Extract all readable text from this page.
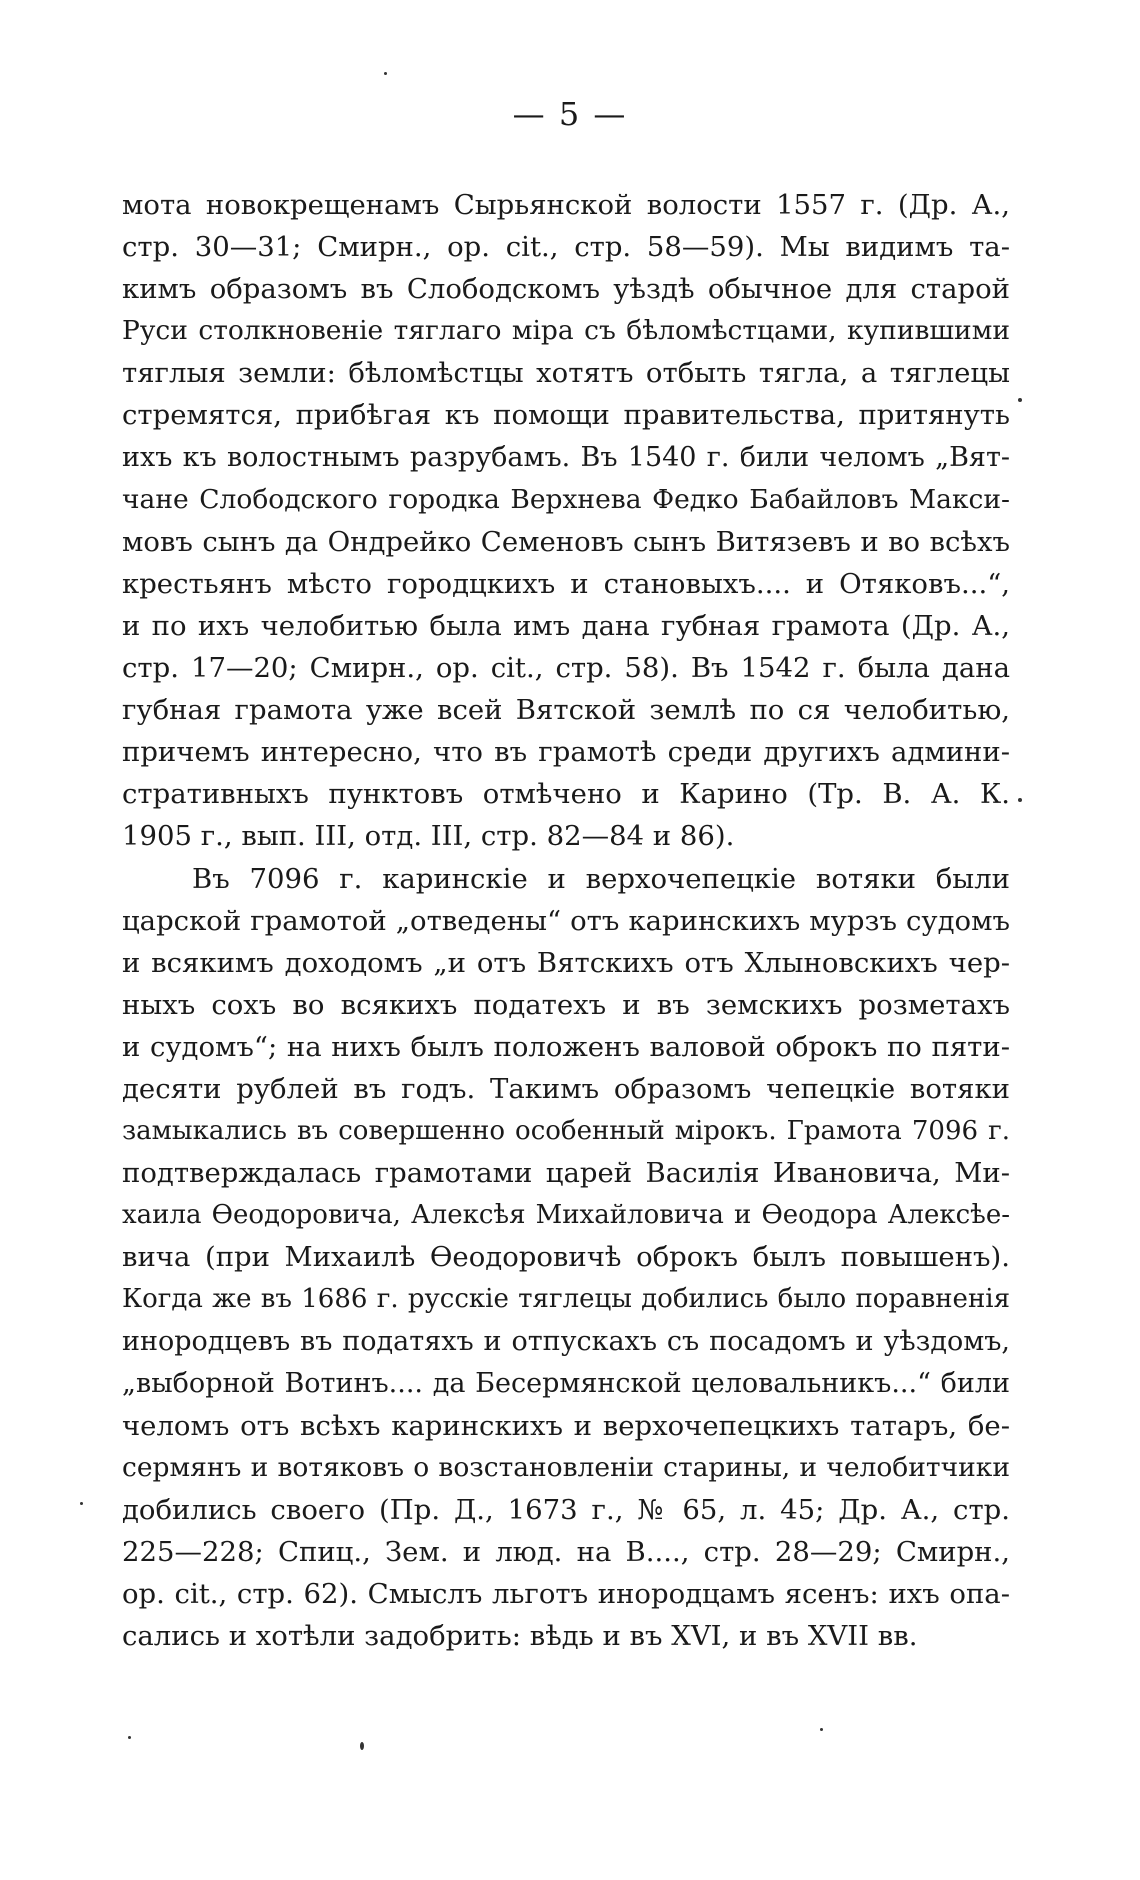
— 5 —
мота новокрещенамъ Сырьянской волости 1557 г. (Др. А.,
стр. 30—31; Смирн., op. cit., стр. 58—59). Мы видимъ та-
кимъ образомъ въ Слободскомъ уѣздѣ обычное для старой
Руси столкновеніе тяглаго міра съ бѣломѣстцами, купившими
тяглыя земли: бѣломѣстцы хотятъ отбыть тягла, а тяглецы
стремятся, прибѣгая къ помощи правительства, притянуть
ихъ къ волостнымъ разрубамъ. Въ 1540 г. били челомъ „Вят-
чане Слободского городка Верхнева Федко Бабайловъ Макси-
мовъ сынъ да Ондрейко Семеновъ сынъ Витязевъ и во всѣхъ
крестьянъ мѣсто городцкихъ и становыхъ.... и Отяковъ...“,
и по ихъ челобитью была имъ дана губная грамота (Др. А.,
стр. 17—20; Смирн., op. cit., стр. 58). Въ 1542 г. была дана
губная грамота уже всей Вятской землѣ по ся челобитью,
причемъ интересно, что въ грамотѣ среди другихъ админи-
стративныхъ пунктовъ отмѣчено и Карино (Тр. В. А. К.
1905 г., вып. III, отд. III, стр. 82—84 и 86).
Въ 7096 г. каринскіе и верхочепецкіе вотяки были
царской грамотой „отведены“ отъ каринскихъ мурзъ судомъ
и всякимъ доходомъ „и отъ Вятскихъ отъ Хлыновскихъ чер-
ныхъ сохъ во всякихъ податехъ и въ земскихъ розметахъ
и судомъ“; на нихъ былъ положенъ валовой оброкъ по пяти-
десяти рублей въ годъ. Такимъ образомъ чепецкіе вотяки
замыкались въ совершенно особенный мірокъ. Грамота 7096 г.
подтверждалась грамотами царей Василія Ивановича, Ми-
хаила Ѳеодоровича, Алексѣя Михайловича и Ѳеодора Алексѣе-
вича (при Михаилѣ Ѳеодоровичѣ оброкъ былъ повышенъ).
Когда же въ 1686 г. русскіе тяглецы добились было поравненія
инородцевъ въ податяхъ и отпускахъ съ посадомъ и уѣздомъ,
„выборной Вотинъ.... да Бесермянской целовальникъ...“ били
челомъ отъ всѣхъ каринскихъ и верхочепецкихъ татаръ, бе-
сермянъ и вотяковъ о возстановленіи старины, и челобитчики
добились своего (Пр. Д., 1673 г., № 65, л. 45; Др. А., стр.
225—228; Спиц., Зем. и люд. на В...., стр. 28—29; Смирн.,
op. cit., стр. 62). Смыслъ льготъ инородцамъ ясенъ: ихъ опа-
сались и хотѣли задобрить: вѣдь и въ XVI, и въ XVII вв.
